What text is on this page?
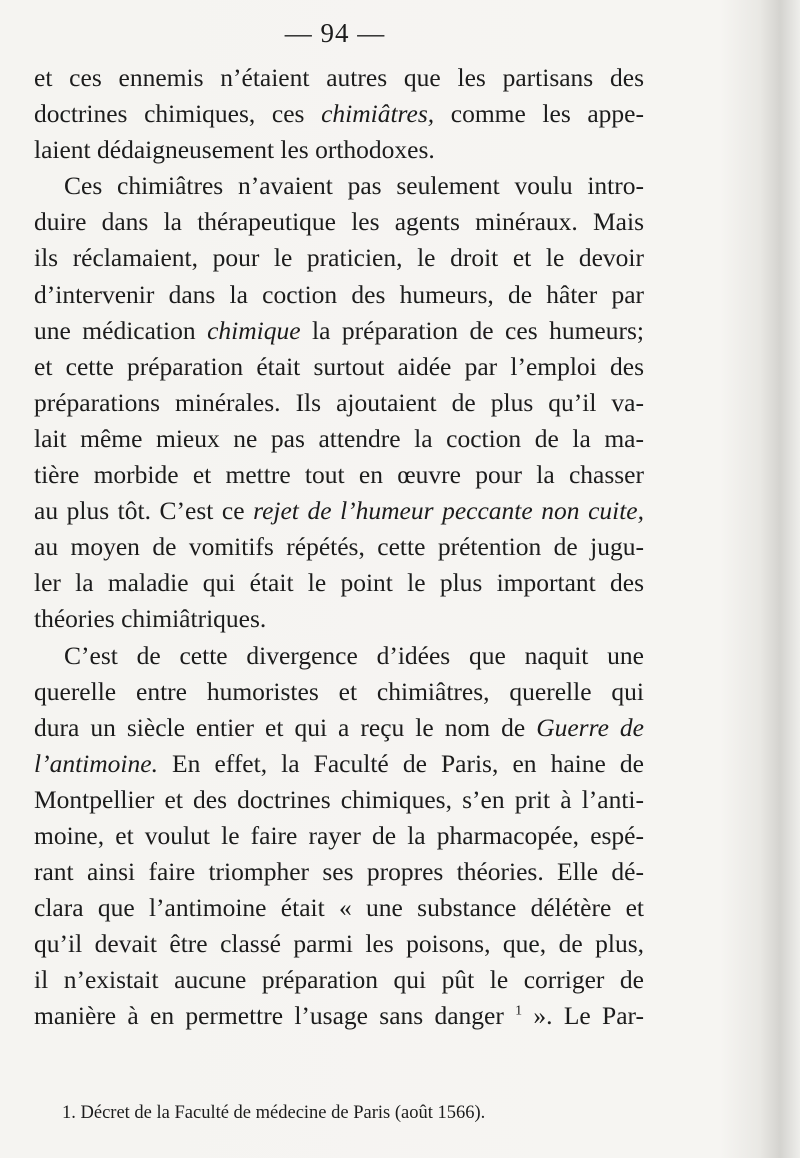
— 94 —
et ces ennemis n’étaient autres que les partisans des
doctrines chimiques, ces chimiâtres, comme les appe-
laient dédaigneusement les orthodoxes.
Ces chimiâtres n’avaient pas seulement voulu intro-
duire dans la thérapeutique les agents minéraux. Mais
ils réclamaient, pour le praticien, le droit et le devoir
d’intervenir dans la coction des humeurs, de hâter par
une médication chimique la préparation de ces humeurs;
et cette préparation était surtout aidée par l’emploi des
préparations minérales. Ils ajoutaient de plus qu’il va-
lait même mieux ne pas attendre la coction de la ma-
tière morbide et mettre tout en œuvre pour la chasser
au plus tôt. C’est ce rejet de l’humeur peccante non cuite,
au moyen de vomitifs répétés, cette prétention de jugu-
ler la maladie qui était le point le plus important des
théories chimiâtriques.
C’est de cette divergence d’idées que naquit une
querelle entre humoristes et chimiâtres, querelle qui
dura un siècle entier et qui a reçu le nom de Guerre de
l’antimoine. En effet, la Faculté de Paris, en haine de
Montpellier et des doctrines chimiques, s’en prit à l’anti-
moine, et voulut le faire rayer de la pharmacopée, espé-
rant ainsi faire triompher ses propres théories. Elle dé-
clara que l’antimoine était « une substance délétère et
qu’il devait être classé parmi les poisons, que, de plus,
il n’existait aucune préparation qui pût le corriger de
manière à en permettre l’usage sans danger $^1$ ». Le Par-
1. Décret de la Faculté de médecine de Paris (août 1566).
